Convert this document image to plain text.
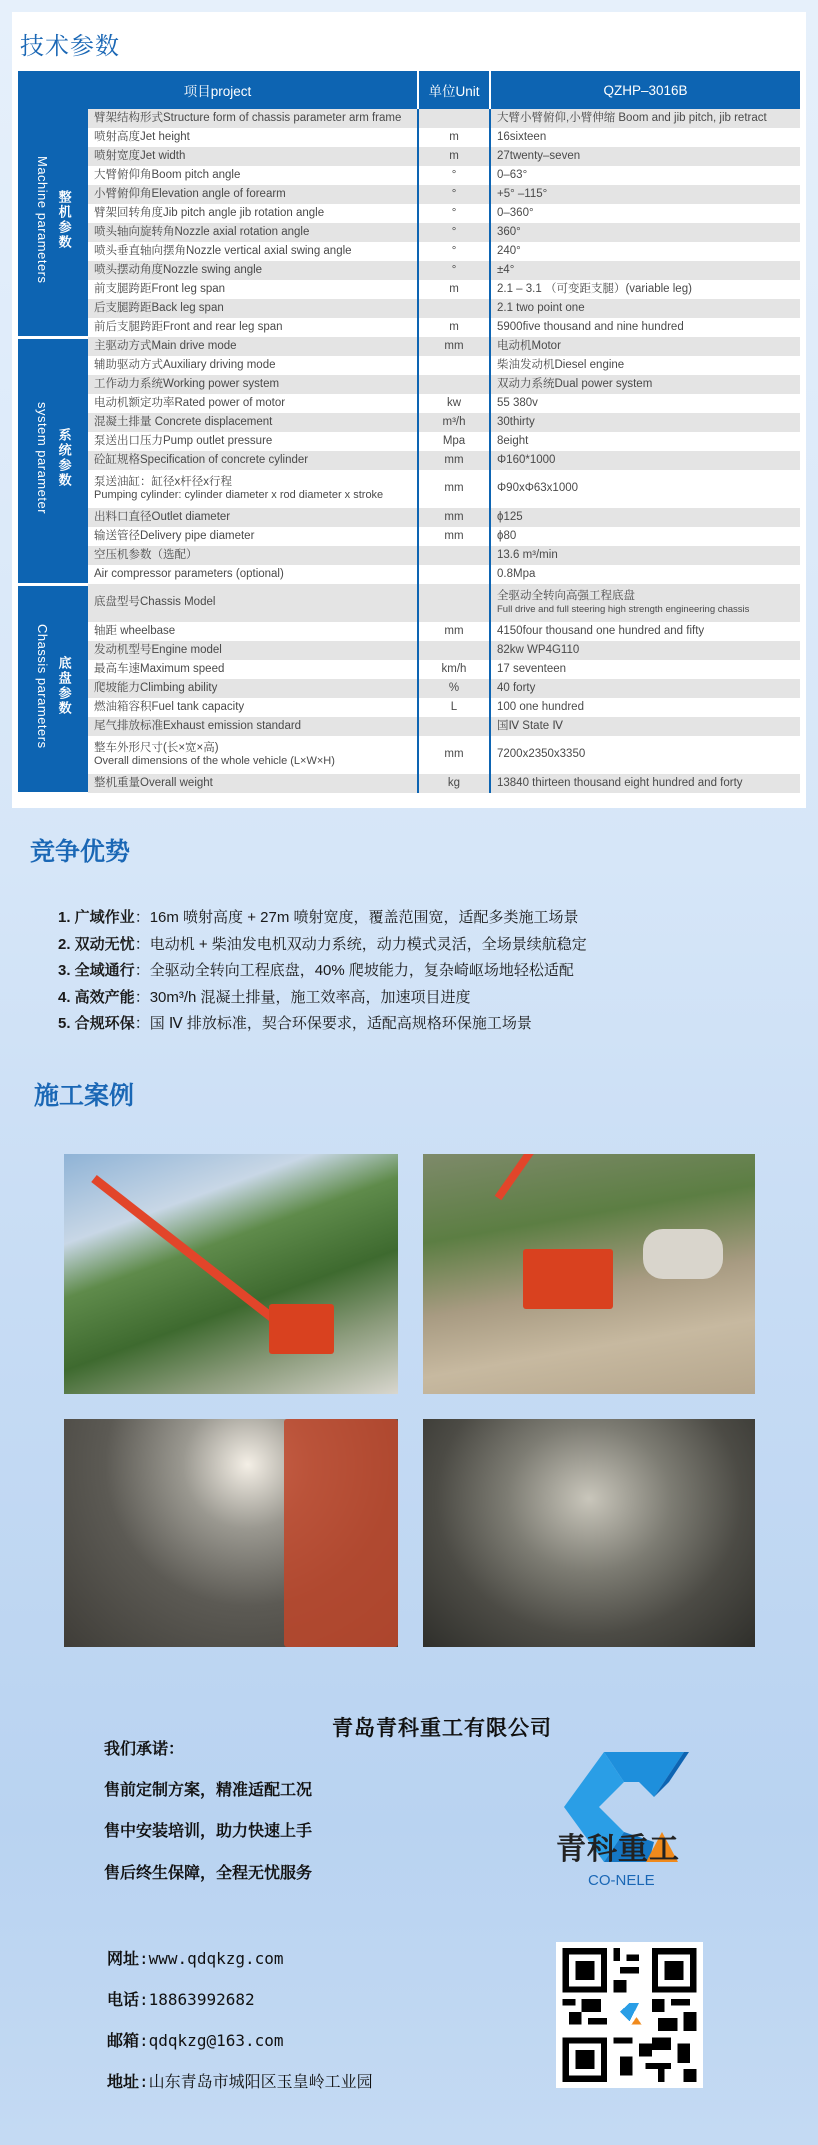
技术参数
项目project		单位Unit	QZHP–3016B

Machine parameters 整机参数	臂架结构形式Structure form of chassis parameter arm frame		大臂小臂俯仰,小臂伸缩 Boom and jib pitch, jib retract
	喷射高度Jet height	m	16sixteen
	喷射宽度Jet width	m	27twenty–seven
	大臂俯仰角Boom pitch angle	°	0–63°
	小臂俯仰角Elevation angle of forearm	°	+5° –115°
	臂架回转角度Jib pitch angle jib rotation angle	°	0–360°
	喷头轴向旋转角Nozzle axial rotation angle	°	360°
	喷头垂直轴向摆角Nozzle vertical axial swing angle	°	240°
	喷头摆动角度Nozzle swing angle	°	±4°
	前支腿跨距Front leg span	m	2.1 – 3.1 （可变距支腿）(variable leg)
	后支腿跨距Back leg span		2.1 two point one
	前后支腿跨距Front and rear leg span	m	5900five thousand and nine hundred

system parameter 系统参数	主驱动方式Main drive mode	mm	电动机Motor
	辅助驱动方式Auxiliary driving mode		柴油发动机Diesel engine
	工作动力系统Working power system		双动力系统Dual power system
	电动机额定功率Rated power of motor	kw	55 380v
	混凝土排量 Concrete displacement	m³/h	30thirty
	泵送出口压力Pump outlet pressure	Mpa	8eight
	砼缸规格Specification of concrete cylinder	mm	Φ160*1000
	泵送油缸：缸径x杆径x行程
Pumping cylinder: cylinder diameter x rod diameter x stroke	mm	Φ90xΦ63x1000
	出料口直径Outlet diameter	mm	ϕ125
	输送管径Delivery pipe diameter	mm	ϕ80
	空压机参数（选配）		13.6 m³/min
	Air compressor parameters (optional)		0.8Mpa

Chassis parameters 底盘参数	底盘型号Chassis Model		全驱动全转向高强工程底盘
Full drive and full steering high strength engineering chassis

	轴距 wheelbase	mm	4150four thousand one hundred and fifty
	发动机型号Engine model		82kw WP4G110
	最高车速Maximum speed	km/h	17 seventeen
	爬坡能力Climbing ability	%	40 forty
	燃油箱容积Fuel tank capacity	L	100 one hundred
	尾气排放标准Exhaust emission standard		国Ⅳ State Ⅳ
	整车外形尺寸(长×宽×高)
Overall dimensions of the whole vehicle (L×W×H)	mm	7200x2350x3350
	整机重量Overall weight	kg	13840 thirteen thousand eight hundred and forty
竞争优势
1. 广域作业：16m 喷射高度 + 27m 喷射宽度，覆盖范围宽，适配多类施工场景
2. 双动无忧：电动机 + 柴油发电机双动力系统，动力模式灵活，全场景续航稳定
3. 全域通行：全驱动全转向工程底盘，40% 爬坡能力，复杂崎岖场地轻松适配
4. 高效产能：30m³/h 混凝土排量，施工效率高，加速项目进度
5. 合规环保：国 Ⅳ 排放标准，契合环保要求，适配高规格环保施工场景
施工案例
青岛青科重工有限公司
我们承诺：
售前定制方案，精准适配工况
售中安装培训，助力快速上手
售后终生保障，全程无忧服务
青科重工
CO-NELE
网址:www.qdqkzg.com
电话:18863992682
邮箱:qdqkzg@163.com
地址:山东青岛市城阳区玉皇岭工业园
